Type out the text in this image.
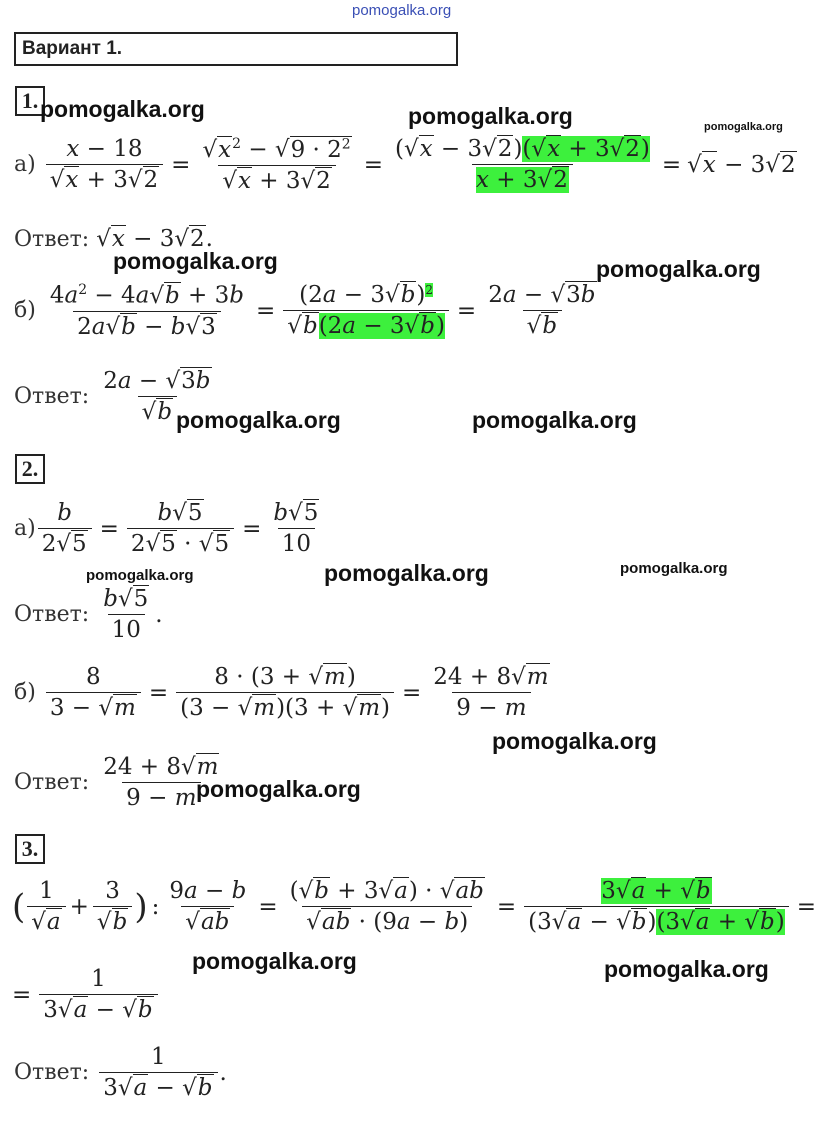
pomogalka.org
Вариант 1.
1. pomogalka.org	pomogalka.org	pomogalka.org
$а) \frac{x - 18}{√x + 3√2} = \frac{√x^2 - √9 \cdot 2^2}{√x + 3√2} = \frac{(√x - 3√2)(√x + 3√2)}{x + 3√2} = √x - 3√2$
Ответ: √x − 3√2.
pomogalka.org	pomogalka.org
$б) \frac{4a^2 - 4a√b + 3b}{2a√b - b√3} = \frac{(2a - 3√b)^2}{√b(2a - 3√b)} = \frac{2a - √3b}{√b}$
Ответ: $\frac{2a - √3b}{√b}$
pomogalka.org	pomogalka.org
2.
$а) \frac{b}{2√5} = \frac{b√5}{2√5 \cdot √5} = \frac{b√5}{10}$
pomogalka.org	pomogalka.org	pomogalka.org
Ответ: $\frac{b√5}{10}$ .
$б) \frac{8}{3 - √m} = \frac{8 \cdot (3 + √m)}{(3 - √m)(3 + √m)} = \frac{24 + 8√m}{9 - m}$
pomogalka.org
Ответ: $\frac{24 + 8√m}{9 - m}$
pomogalka.org
3.
( $\frac{1}{√a} + \frac{3}{√b}$ ) : $\frac{9a - b}{√ab} = \frac{(√b + 3√a) \cdot √ab}{√ab \cdot (9a - b)} = \frac{3√a + √b}{(3√a - √b)(3√a + √b)}$ =
pomogalka.org	pomogalka.org
= $\frac{1}{3√a - √b}$
Ответ: $\frac{1}{3√a - √b}$ .
